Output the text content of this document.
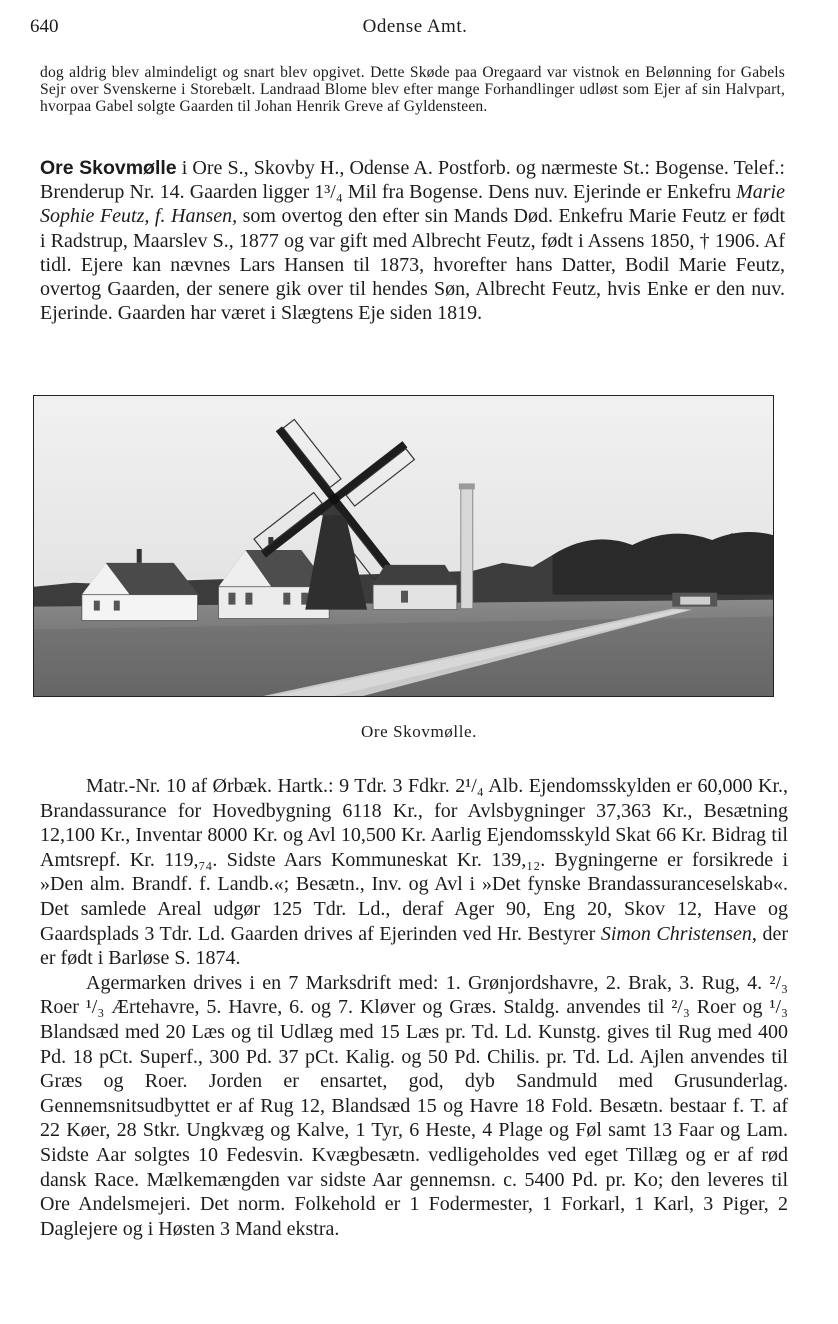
640	Odense Amt.
dog aldrig blev almindeligt og snart blev opgivet. Dette Skøde paa Oregaard var vistnok en Belønning for Gabels Sejr over Svenskerne i Storebælt. Landraad Blome blev efter mange Forhandlinger udløst som Ejer af sin Halvpart, hvorpaa Gabel solgte Gaarden til Johan Henrik Greve af Gyldensteen.
Ore Skovmølle i Ore S., Skovby H., Odense A. Postforb. og nærmeste St.: Bogense. Telef.: Brenderup Nr. 14. Gaarden ligger 1³/₄ Mil fra Bogense. Dens nuv. Ejerinde er Enkefru Marie Sophie Feutz, f. Hansen, som overtog den efter sin Mands Død. Enkefru Marie Feutz er født i Radstrup, Maarslev S., 1877 og var gift med Albrecht Feutz, født i Assens 1850, † 1906. Af tidl. Ejere kan nævnes Lars Hansen til 1873, hvorefter hans Datter, Bodil Marie Feutz, overtog Gaarden, der senere gik over til hendes Søn, Albrecht Feutz, hvis Enke er den nuv. Ejerinde. Gaarden har været i Slægtens Eje siden 1819.
Ore Skovmølle.

Matr.-Nr. 10 af Ørbæk. Hartk.: 9 Tdr. 3 Fdkr. 2¹/₄ Alb. Ejendomsskylden er 60,000 Kr., Brandassurance for Hovedbygning 6118 Kr., for Avlsbygninger 37,363 Kr., Besætning 12,100 Kr., Inventar 8000 Kr. og Avl 10,500 Kr. Aarlig Ejendomsskyld Skat 66 Kr. Bidrag til Amtsrepf. Kr. 119,₇₄. Sidste Aars Kommuneskat Kr. 139,₁₂. Bygningerne er forsikrede i »Den alm. Brandf. f. Landb.«; Besætn., Inv. og Avl i »Det fynske Brandassuranceselskab«. Det samlede Areal udgør 125 Tdr. Ld., deraf Ager 90, Eng 20, Skov 12, Have og Gaardsplads 3 Tdr. Ld. Gaarden drives af Ejerinden ved Hr. Bestyrer Simon Christensen, der er født i Barløse S. 1874.

Agermarken drives i en 7 Marksdrift med: 1. Grønjordshavre, 2. Brak, 3. Rug, 4. ²/₃ Roer ¹/₃ Ærtehavre, 5. Havre, 6. og 7. Kløver og Græs. Staldg. anvendes til ²/₃ Roer og ¹/₃ Blandsæd med 20 Læs og til Udlæg med 15 Læs pr. Td. Ld. Kunstg. gives til Rug med 400 Pd. 18 pCt. Superf., 300 Pd. 37 pCt. Kalig. og 50 Pd. Chilis. pr. Td. Ld. Ajlen anvendes til Græs og Roer. Jorden er ensartet, god, dyb Sandmuld med Grusunderlag. Gennemsnitsudbyttet er af Rug 12, Blandsæd 15 og Havre 18 Fold. Besætn. bestaar f. T. af 22 Køer, 28 Stkr. Ungkvæg og Kalve, 1 Tyr, 6 Heste, 4 Plage og Føl samt 13 Faar og Lam. Sidste Aar solgtes 10 Fedesvin. Kvægbesætn. vedligeholdes ved eget Tillæg og er af rød dansk Race. Mælkemængden var sidste Aar gennemsn. c. 5400 Pd. pr. Ko; den leveres til Ore Andelsmejeri. Det norm. Folkehold er 1 Fodermester, 1 Forkarl, 1 Karl, 3 Piger, 2 Daglejere og i Høsten 3 Mand ekstra.
